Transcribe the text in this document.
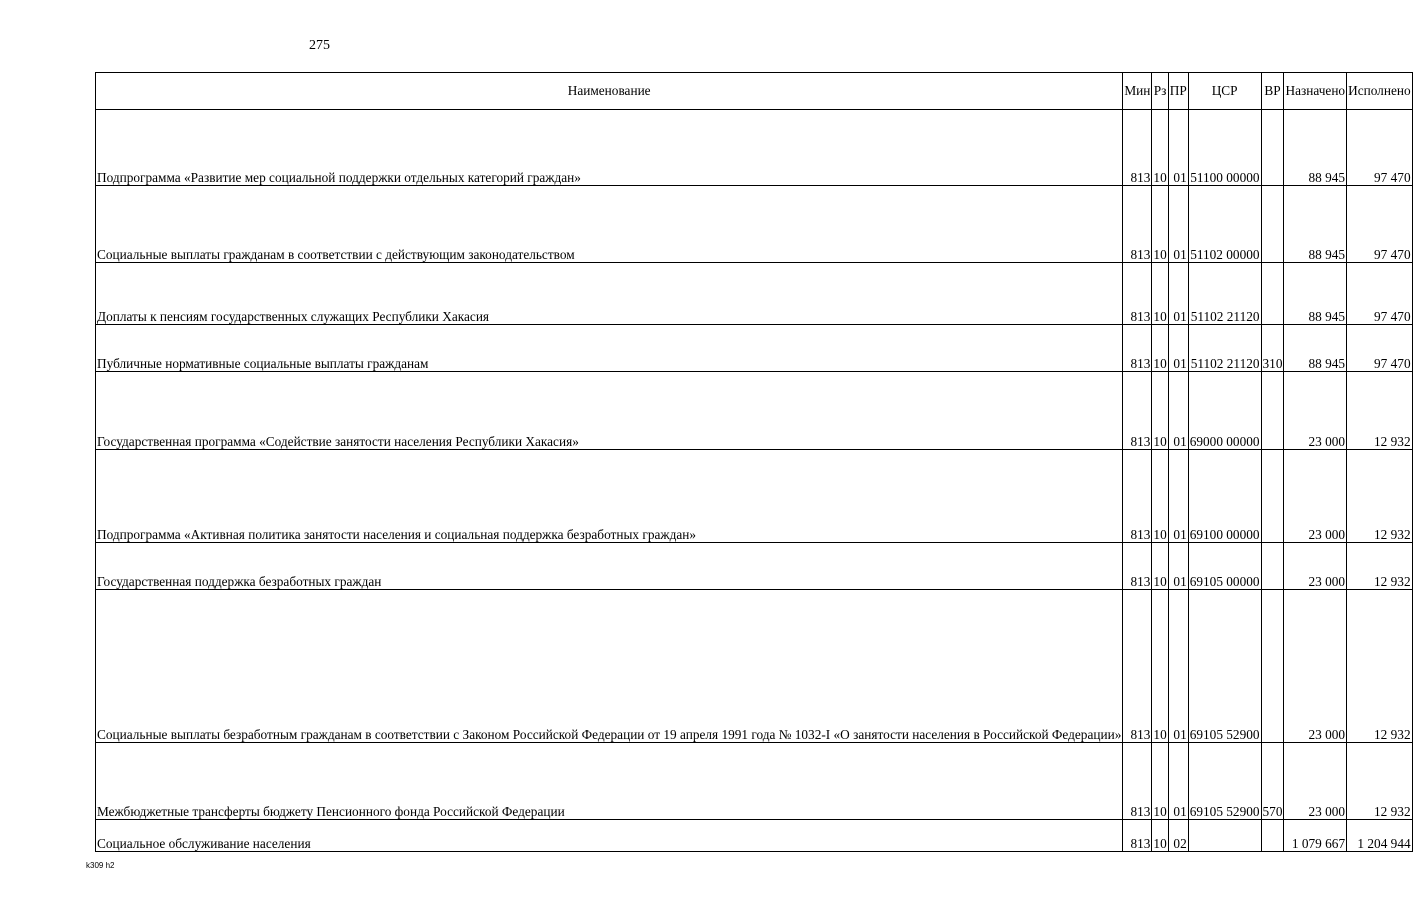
275
Наименование	Мин	Рз	ПР	ЦСР	ВР	Назначено	Исполнено
Подпрограмма «Развитие мер социальной поддержки отдельных категорий граждан»	813	10	01	51100 00000		88 945	97 470
Социальные выплаты гражданам в соответствии с действующим законодательством	813	10	01	51102 00000		88 945	97 470
Доплаты к пенсиям государственных служащих Республики Хакасия	813	10	01	51102 21120		88 945	97 470
Публичные нормативные социальные выплаты гражданам	813	10	01	51102 21120	310	88 945	97 470
Государственная программа «Содействие занятости населения Республики Хакасия»	813	10	01	69000 00000		23 000	12 932
Подпрограмма «Активная политика занятости населения и социальная поддержка безработных граждан»	813	10	01	69100 00000		23 000	12 932
Государственная поддержка безработных граждан	813	10	01	69105 00000		23 000	12 932
Социальные выплаты безработным гражданам в соответствии с Законом Российской Федерации от 19 апреля 1991 года № 1032-I «О занятости населения в Российской Федерации»	813	10	01	69105 52900		23 000	12 932
Межбюджетные трансферты бюджету Пенсионного фонда Российской Федерации	813	10	01	69105 52900	570	23 000	12 932
Социальное обслуживание населения	813	10	02			1 079 667	1 204 944
k309 h2
